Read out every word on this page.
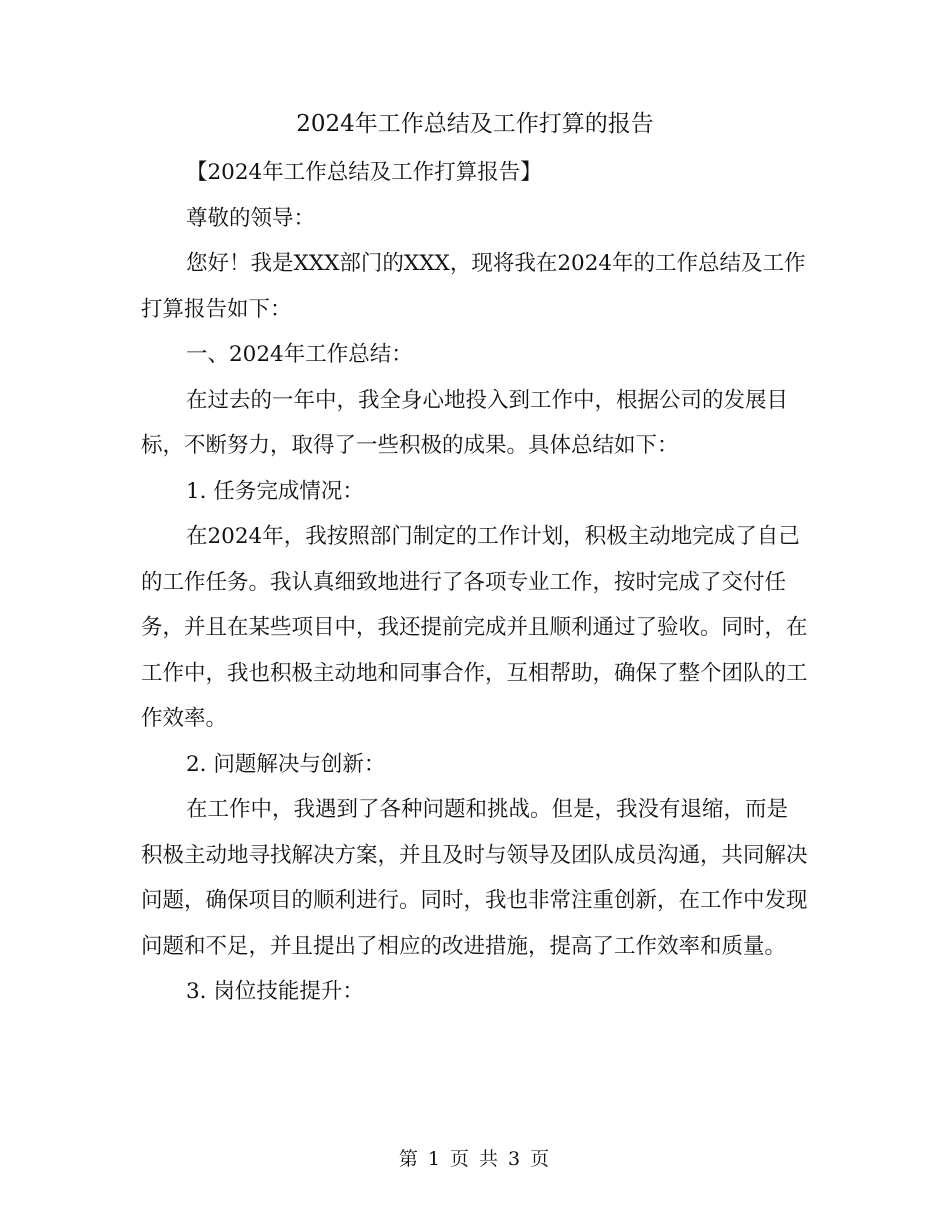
2024年工作总结及工作打算的报告

【2024年工作总结及工作打算报告】

尊敬的领导：

您好！我是XXX部门的XXX，现将我在2024年的工作总结及工作打算报告如下：

一、2024年工作总结：

在过去的一年中，我全身心地投入到工作中，根据公司的发展目标，不断努力，取得了一些积极的成果。具体总结如下：

1. 任务完成情况：

在2024年，我按照部门制定的工作计划，积极主动地完成了自己的工作任务。我认真细致地进行了各项专业工作，按时完成了交付任务，并且在某些项目中，我还提前完成并且顺利通过了验收。同时，在工作中，我也积极主动地和同事合作，互相帮助，确保了整个团队的工作效率。

2. 问题解决与创新：

在工作中，我遇到了各种问题和挑战。但是，我没有退缩，而是积极主动地寻找解决方案，并且及时与领导及团队成员沟通，共同解决问题，确保项目的顺利进行。同时，我也非常注重创新，在工作中发现问题和不足，并且提出了相应的改进措施，提高了工作效率和质量。

3. 岗位技能提升：

第 1 页 共 3 页
